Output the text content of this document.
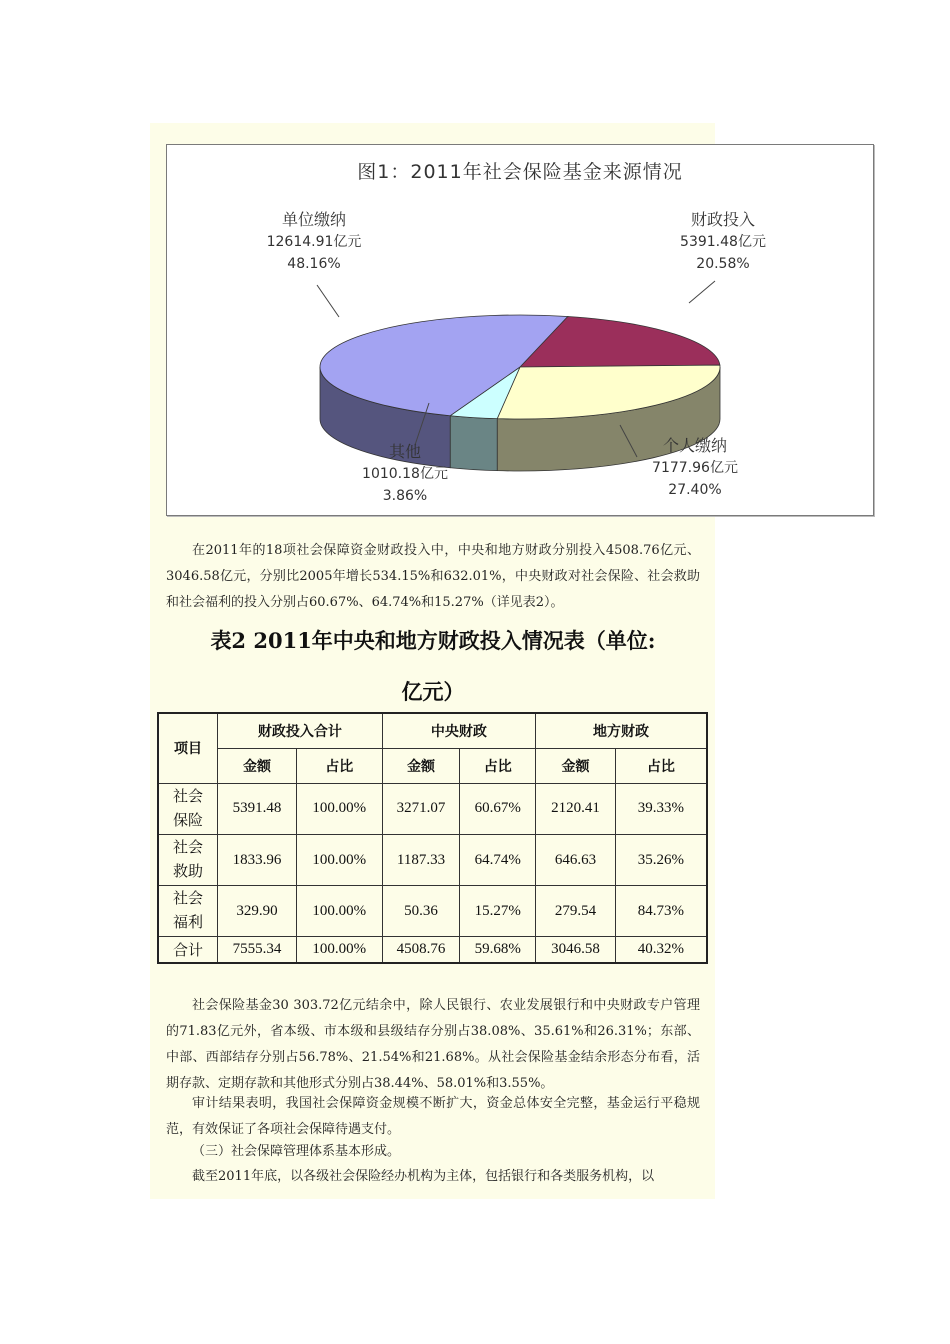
图1：2011年社会保险基金来源情况
单位缴纳
12614.91亿元
48.16%
财政投入
5391.48亿元
20.58%
个人缴纳
7177.96亿元
27.40%
其他
1010.18亿元
3.86%
在2011年的18项社会保障资金财政投入中，中央和地方财政分别投入4508.76亿元、3046.58亿元，分别比2005年增长534.15%和632.01%，中央财政对社会保险、社会救助和社会福利的投入分别占60.67%、64.74%和15.27%（详见表2）。
表2 2011年中央和地方财政投入情况表（单位:
亿元）
项目	财政投入合计		中央财政		地方财政	
	金额	占比	金额	占比	金额	占比
社会
保险	5391.48	100.00%	3271.07	60.67%	2120.41	39.33%
社会
救助	1833.96	100.00%	1187.33	64.74%	646.63	35.26%
社会
福利	329.90	100.00%	50.36	15.27%	279.54	84.73%
合计	7555.34	100.00%	4508.76	59.68%	3046.58	40.32%
社会保险基金30 303.72亿元结余中，除人民银行、农业发展银行和中央财政专户管理的71.83亿元外，省本级、市本级和县级结存分别占38.08%、35.61%和26.31%；东部、中部、西部结存分别占56.78%、21.54%和21.68%。从社会保险基金结余形态分布看，活期存款、定期存款和其他形式分别占38.44%、58.01%和3.55%。
审计结果表明，我国社会保障资金规模不断扩大，资金总体安全完整，基金运行平稳规范，有效保证了各项社会保障待遇支付。
（三）社会保障管理体系基本形成。
截至2011年底，以各级社会保险经办机构为主体，包括银行和各类服务机构，以
